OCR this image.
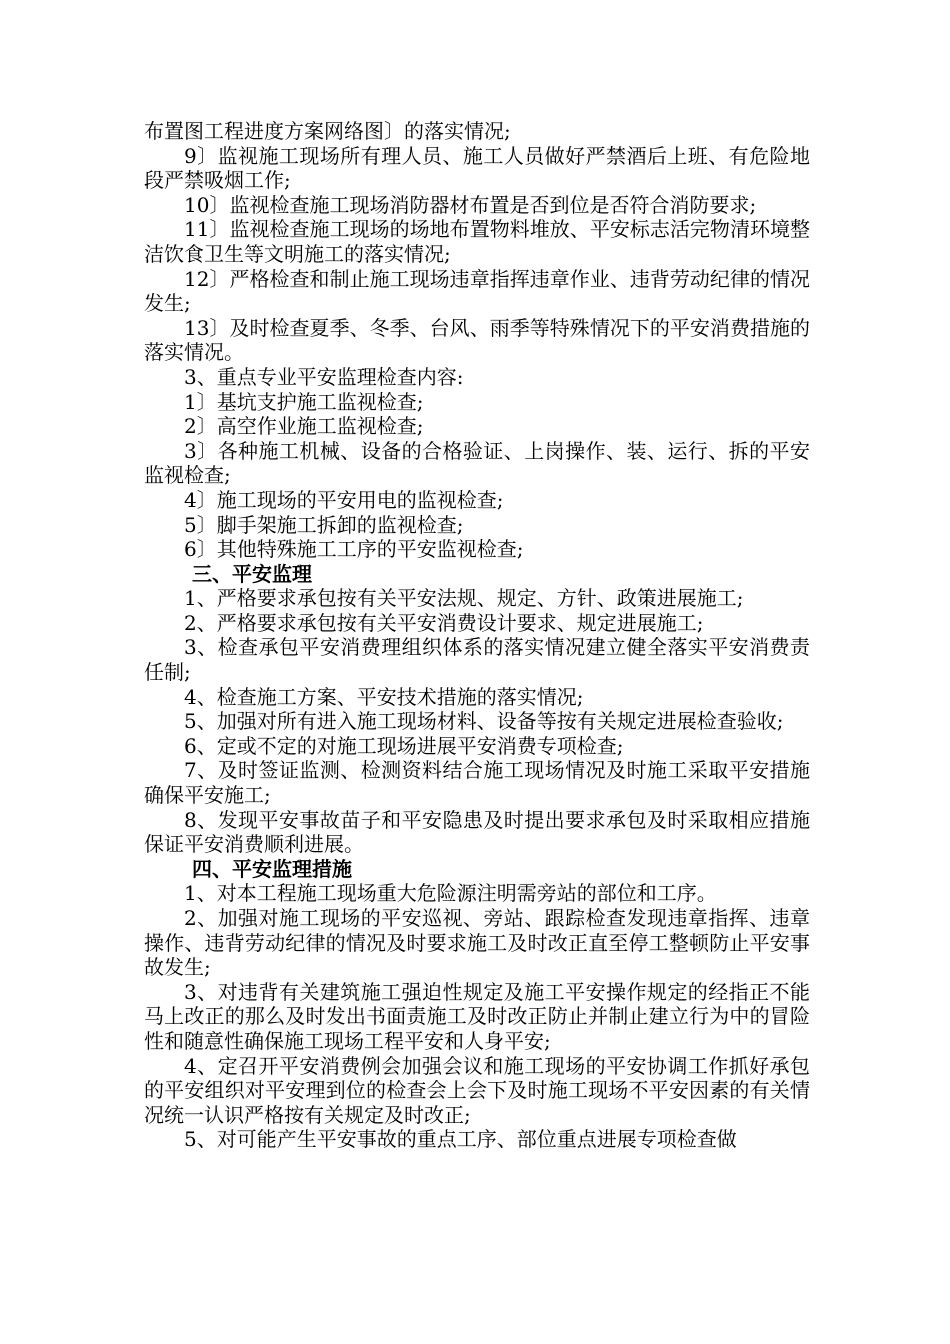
布置图工程进度方案网络图〕的落实情况;

9〕监视施工现场所有理人员、施工人员做好严禁酒后上班、有危险地段严禁吸烟工作;

10〕监视检查施工现场消防器材布置是否到位是否符合消防要求;

11〕监视检查施工现场的场地布置物料堆放、平安标志活完物清环境整洁饮食卫生等文明施工的落实情况;

12〕严格检查和制止施工现场违章指挥违章作业、违背劳动纪律的情况发生;

13〕及时检查夏季、冬季、台风、雨季等特殊情况下的平安消费措施的落实情况。

3、重点专业平安监理检查内容:

1〕基坑支护施工监视检查;

2〕高空作业施工监视检查;

3〕各种施工机械、设备的合格验证、上岗操作、装、运行、拆的平安监视检查;

4〕施工现场的平安用电的监视检查;

5〕脚手架施工拆卸的监视检查;

6〕其他特殊施工工序的平安监视检查;

三、平安监理

1、严格要求承包按有关平安法规、规定、方针、政策进展施工;

2、严格要求承包按有关平安消费设计要求、规定进展施工;

3、检查承包平安消费理组织体系的落实情况建立健全落实平安消费责任制;

4、检查施工方案、平安技术措施的落实情况;

5、加强对所有进入施工现场材料、设备等按有关规定进展检查验收;

6、定或不定的对施工现场进展平安消费专项检查;

7、及时签证监测、检测资料结合施工现场情况及时施工采取平安措施确保平安施工;

8、发现平安事故苗子和平安隐患及时提出要求承包及时采取相应措施保证平安消费顺利进展。

四、平安监理措施

1、对本工程施工现场重大危险源注明需旁站的部位和工序。

2、加强对施工现场的平安巡视、旁站、跟踪检查发现违章指挥、违章操作、违背劳动纪律的情况及时要求施工及时改正直至停工整顿防止平安事故发生;

3、对违背有关建筑施工强迫性规定及施工平安操作规定的经指正不能马上改正的那么及时发出书面责施工及时改正防止并制止建立行为中的冒险性和随意性确保施工现场工程平安和人身平安;

4、定召开平安消费例会加强会议和施工现场的平安协调工作抓好承包的平安组织对平安理到位的检查会上会下及时施工现场不平安因素的有关情况统一认识严格按有关规定及时改正;

5、对可能产生平安事故的重点工序、部位重点进展专项检查做
